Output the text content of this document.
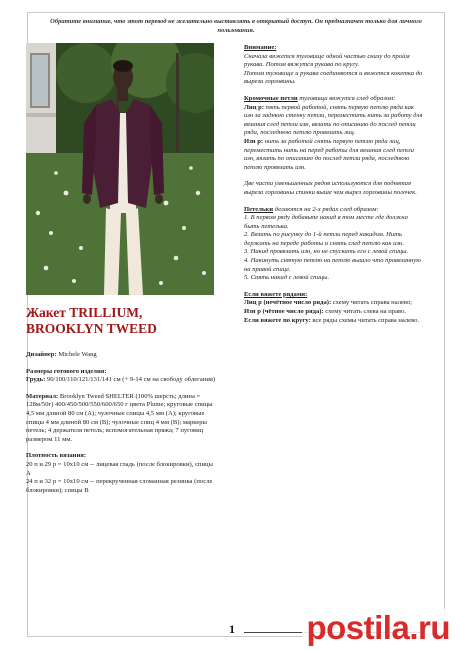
Обратите внимание, что этот перевод не желательно выставлять в открытый доступ. Он предназначен только для личного пользования.
Жакет TRILLIUM, BROOKLYN TWEED

Дизайнер: Michele Wang

Размеры готового изделия:
Грудь: 90/100/110/121/131/141 см (+ 9-14 см на свободу облегания)

Материал: Brooklyn Tweed SHELTER (100% шерсть; длина = 128м/50г) 400/450/500/550/600/650 г цвета Plume; круговые спицы 4,5 мм длиной 80 см (А); чулочные спицы 4,5 мм (А); круговые спицы 4 мм длиной 80 см (В); чулочные спиц 4 мм (В); маркеры петель; 4 держателя петель; вспомогательная пряжа; 7 пуговиц размером 11 мм.

Плотность вязания:
20 п и 29 р = 10х10 см -- лицевая гладь (после блокировки), спицы А
24 п и 32 р = 10х10 см -- перекрученная сломанная резинка (после блокировки); спицы В

Внимание:
Сначала вяжется туловище одной частью снизу до пройм рукава. Потом вяжутся рукава по кругу.
Потом туловище и рукава соединяются и вяжется кокетка до выреза горловины.

Кромочные петли туловища вяжутся след образом:
Лиц р: пять первой работой, снять первую петлю ряда как изн за заднюю стенку петли, переместить нить за работу для вязания след петли изн, вязать по описанию до послед петли ряда, последнюю петлю провязать лиц.
Изн р: нить за работой снять первую петлю ряда лиц, переместить нить на перед работы для вязания след петли изн, вязать по описанию до послед петли ряда, последнюю петлю провязать изн.

Две части уменьшенных рядов используются для поднятия выреза горловины спинки выше чем вырез горловины полочек.

Петельки делаются на 2-х рядах след образом:
1. В первом ряду добавьте накид в том месте где должна быть петелька.
2. Вязать по рисунку до 1-й петли перед накидом. Нить держать на переде работы и снять след петлю как изн.
3. Накид провязать изн, но не спускать его с левой спицы.
4. Накинуть снятую петлю на петлю вышло что провязанную на правой спице.
5. Снять накид с левой спицы.

Если вяжете рядами:
Лиц р (нечётное число ряда): схему читать справа налево;
Изн р (чётное число ряда): схему читать слева на право.
Если вяжете по кругу: все ряды схемы читать справа налево.

1 postila.ru
